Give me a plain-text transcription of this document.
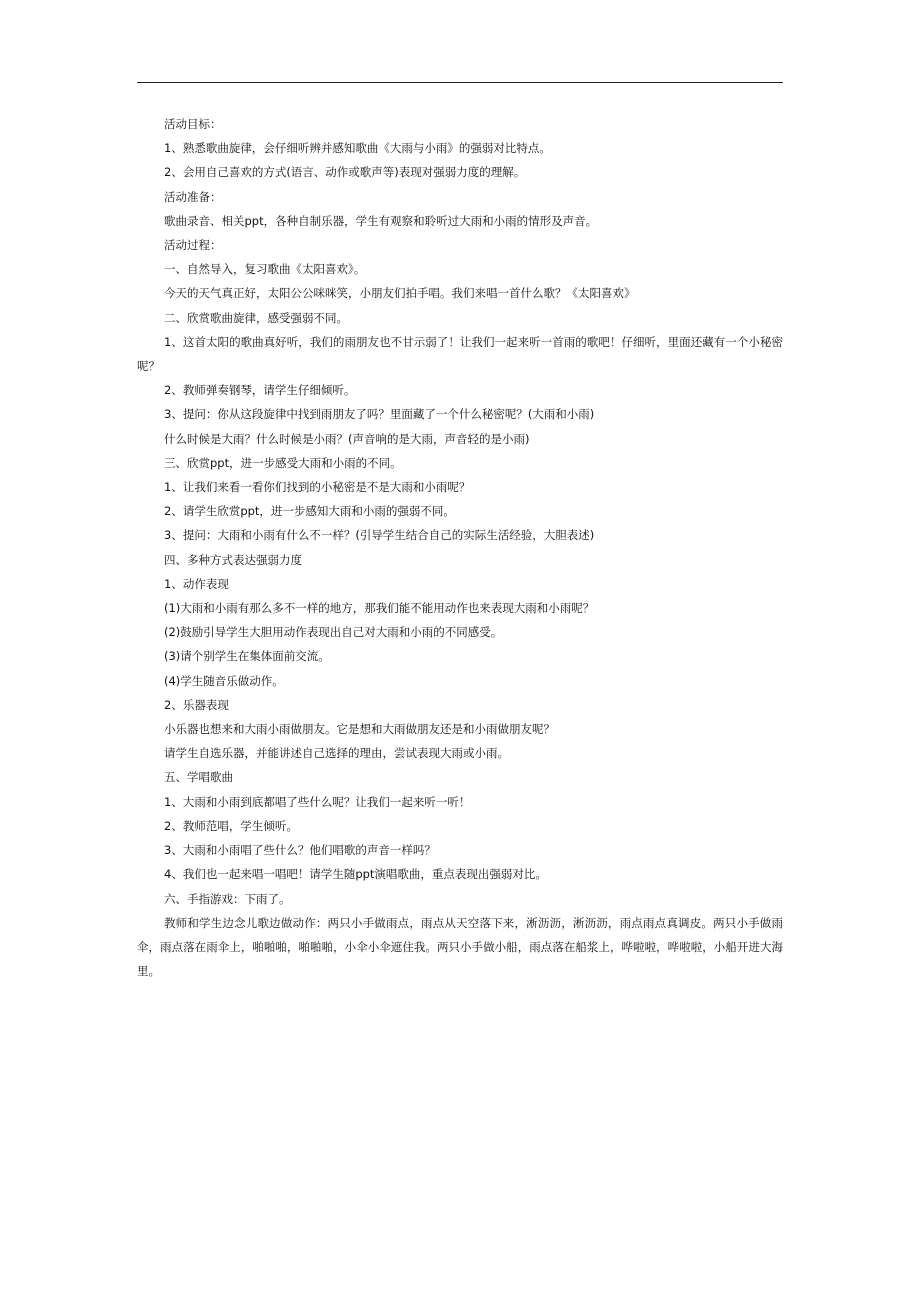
活动目标：

1、熟悉歌曲旋律，会仔细听辨并感知歌曲《大雨与小雨》的强弱对比特点。

2、会用自己喜欢的方式(语言、动作或歌声等)表现对强弱力度的理解。

活动准备：

歌曲录音、相关ppt，各种自制乐器，学生有观察和聆听过大雨和小雨的情形及声音。

活动过程：

一、自然导入，复习歌曲《太阳喜欢》。

今天的天气真正好，太阳公公咪咪笑，小朋友们拍手唱。我们来唱一首什么歌？《太阳喜欢》

二、欣赏歌曲旋律，感受强弱不同。

1、这首太阳的歌曲真好听，我们的雨朋友也不甘示弱了！让我们一起来听一首雨的歌吧！仔细听，里面还藏有一个小秘密呢？

2、教师弹奏钢琴，请学生仔细倾听。

3、提问：你从这段旋律中找到雨朋友了吗？里面藏了一个什么秘密呢？(大雨和小雨)

什么时候是大雨？什么时候是小雨？(声音响的是大雨，声音轻的是小雨)

三、欣赏ppt，进一步感受大雨和小雨的不同。

1、让我们来看一看你们找到的小秘密是不是大雨和小雨呢？

2、请学生欣赏ppt，进一步感知大雨和小雨的强弱不同。

3、提问：大雨和小雨有什么不一样？(引导学生结合自己的实际生活经验，大胆表述)

四、多种方式表达强弱力度

1、动作表现

(1)大雨和小雨有那么多不一样的地方，那我们能不能用动作也来表现大雨和小雨呢？

(2)鼓励引导学生大胆用动作表现出自己对大雨和小雨的不同感受。

(3)请个别学生在集体面前交流。

(4)学生随音乐做动作。

2、乐器表现

小乐器也想来和大雨小雨做朋友。它是想和大雨做朋友还是和小雨做朋友呢？

请学生自选乐器，并能讲述自己选择的理由，尝试表现大雨或小雨。

五、学唱歌曲

1、大雨和小雨到底都唱了些什么呢？让我们一起来听一听！

2、教师范唱，学生倾听。

3、大雨和小雨唱了些什么？他们唱歌的声音一样吗？

4、我们也一起来唱一唱吧！请学生随ppt演唱歌曲，重点表现出强弱对比。

六、手指游戏：下雨了。

教师和学生边念儿歌边做动作：两只小手做雨点，雨点从天空落下来，淅沥沥，淅沥沥，雨点雨点真调皮。两只小手做雨伞，雨点落在雨伞上，啪啪啪，啪啪啪，小伞小伞遮住我。两只小手做小船，雨点落在船浆上，哗啦啦，哗啦啦，小船开进大海里。
